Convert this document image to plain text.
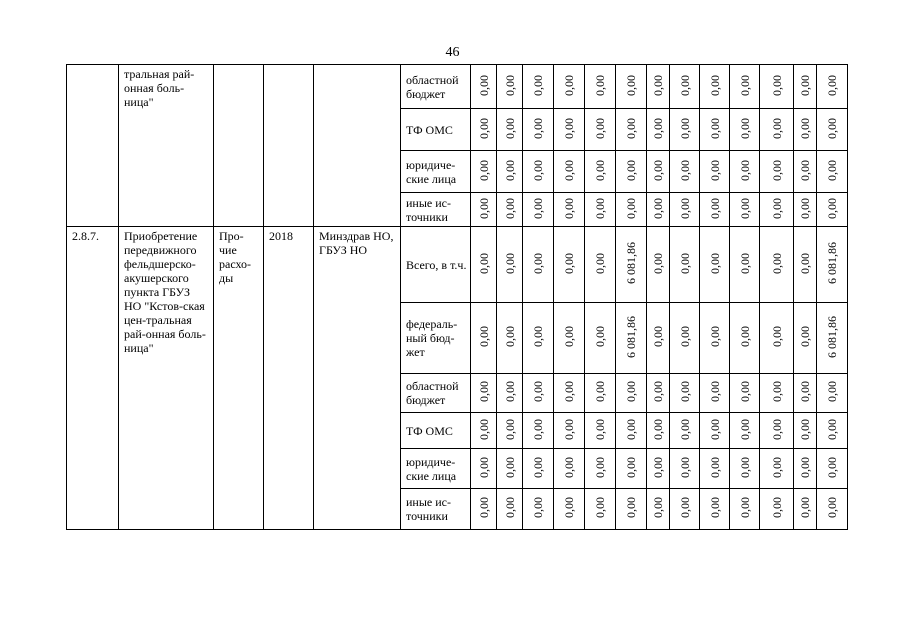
46
	тральная рай-онная боль-ница"				областной бюджет	0,00	0,00	0,00	0,00	0,00	0,00	0,00	0,00	0,00	0,00	0,00	0,00	0,00
					ТФ ОМС	0,00	0,00	0,00	0,00	0,00	0,00	0,00	0,00	0,00	0,00	0,00	0,00	0,00
					юридиче-ские лица	0,00	0,00	0,00	0,00	0,00	0,00	0,00	0,00	0,00	0,00	0,00	0,00	0,00
					иные ис-точники	0,00	0,00	0,00	0,00	0,00	0,00	0,00	0,00	0,00	0,00	0,00	0,00	0,00
2.8.7.	Приобретение передвижного фельдшерско-акушерского пункта ГБУЗ НО "Кстов-ская цен-тральная рай-онная боль-ница"	Про-чие расхо-ды	2018	Минздрав НО, ГБУЗ НО	Всего, в т.ч.	0,00	0,00	0,00	0,00	0,00	6 081,86	0,00	0,00	0,00	0,00	0,00	0,00	6 081,86
					федераль-ный бюд-жет	0,00	0,00	0,00	0,00	0,00	6 081,86	0,00	0,00	0,00	0,00	0,00	0,00	6 081,86
					областной бюджет	0,00	0,00	0,00	0,00	0,00	0,00	0,00	0,00	0,00	0,00	0,00	0,00	0,00
					ТФ ОМС	0,00	0,00	0,00	0,00	0,00	0,00	0,00	0,00	0,00	0,00	0,00	0,00	0,00
					юридиче-ские лица	0,00	0,00	0,00	0,00	0,00	0,00	0,00	0,00	0,00	0,00	0,00	0,00	0,00
					иные ис-точники	0,00	0,00	0,00	0,00	0,00	0,00	0,00	0,00	0,00	0,00	0,00	0,00	0,00
